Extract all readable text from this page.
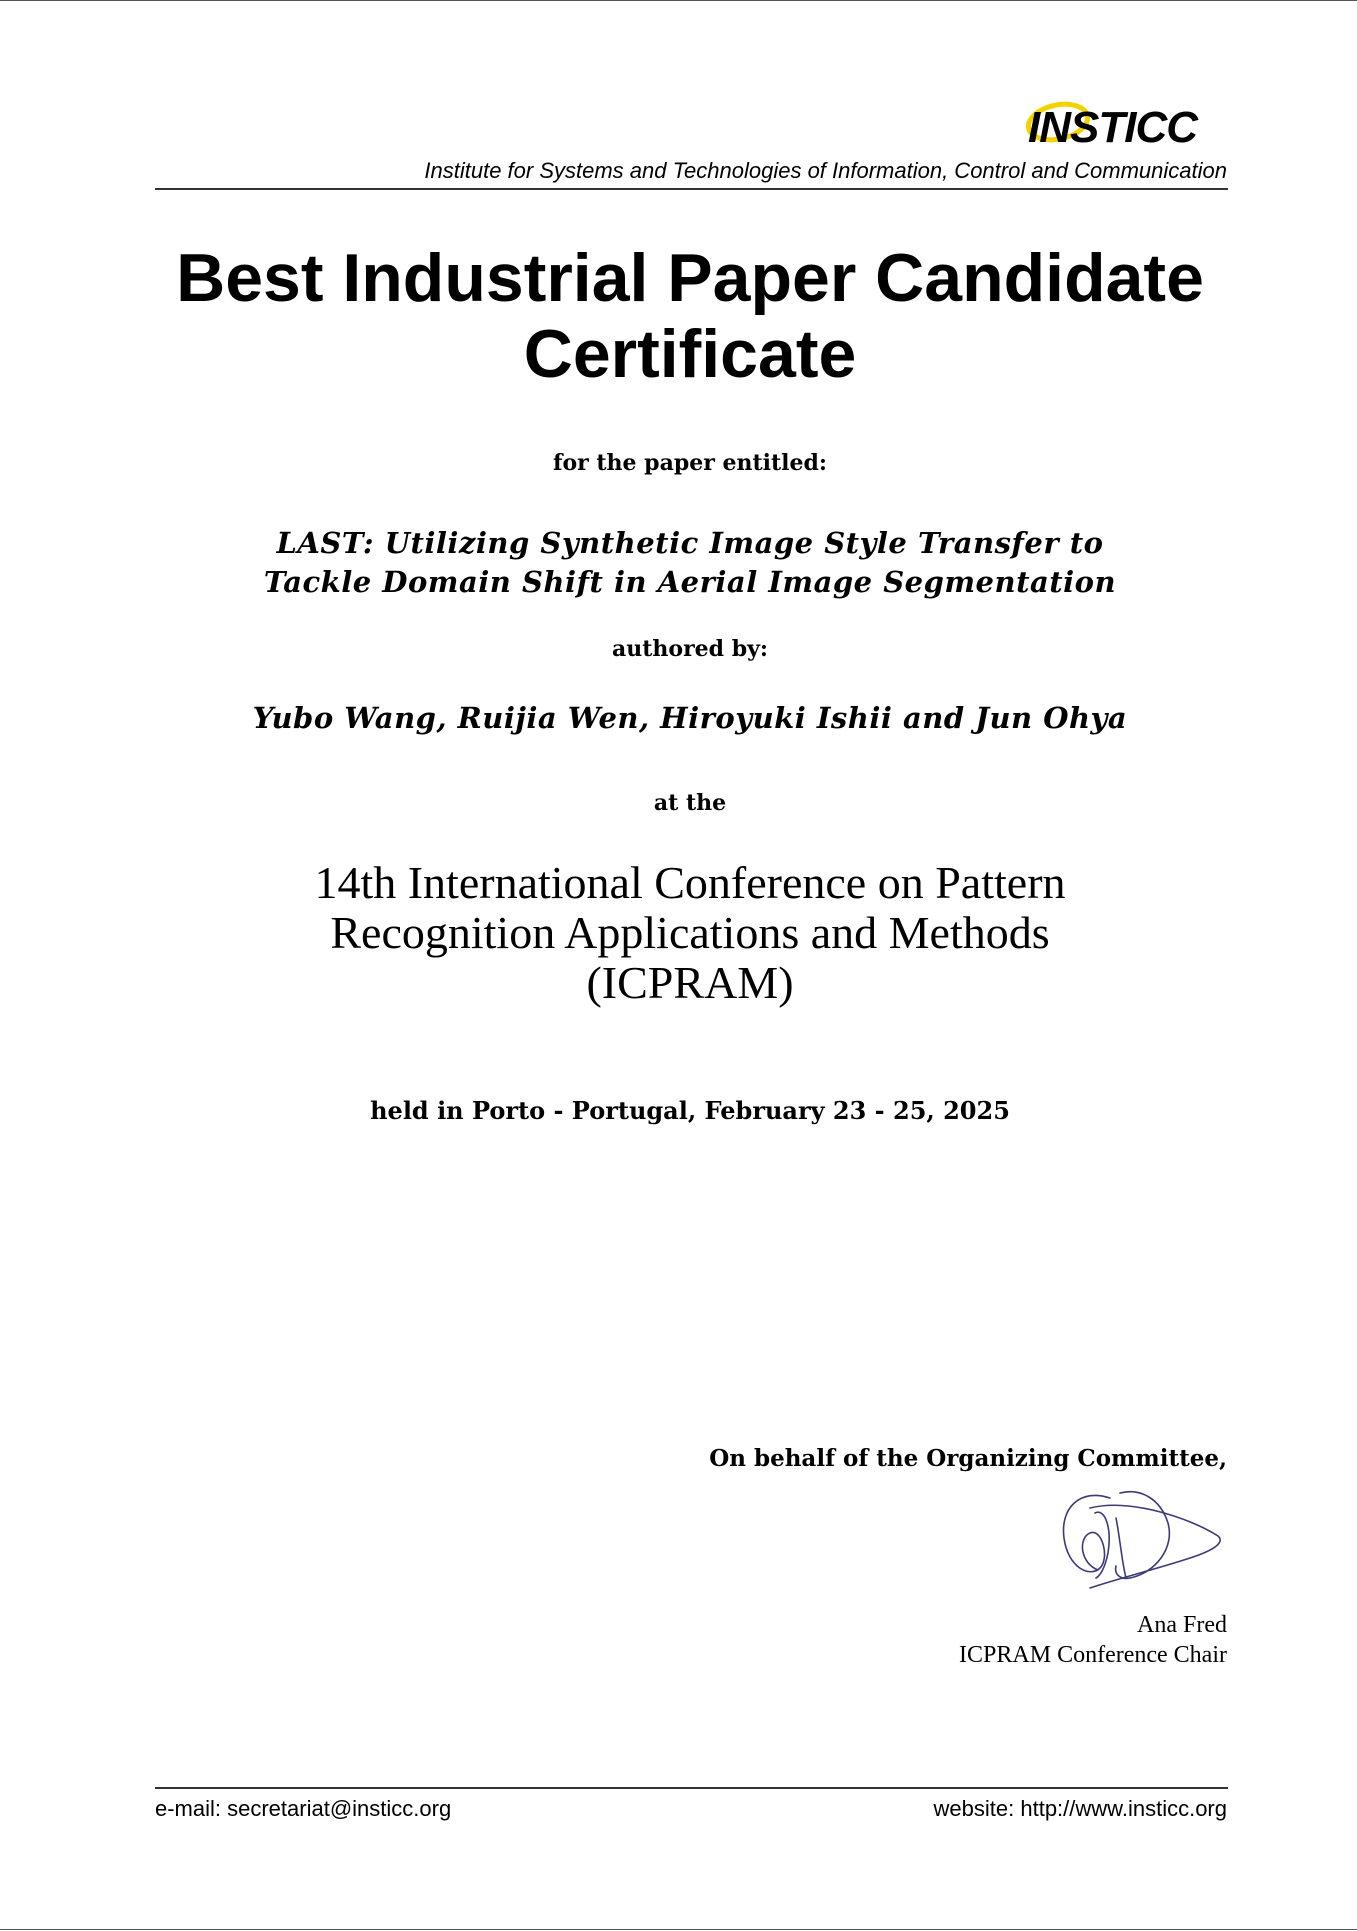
INSTICC
Institute for Systems and Technologies of Information, Control and Communication
Best Industrial Paper Candidate
Certificate
for the paper entitled:
LAST: Utilizing Synthetic Image Style Transfer to
Tackle Domain Shift in Aerial Image Segmentation
authored by:
Yubo Wang, Ruijia Wen, Hiroyuki Ishii and Jun Ohya
at the
14th International Conference on Pattern
Recognition Applications and Methods
(ICPRAM)
held in Porto - Portugal, February 23 - 25, 2025
On behalf of the Organizing Committee,
Ana Fred
ICPRAM Conference Chair
e-mail: secretariat@insticc.org	website: http://www.insticc.org
